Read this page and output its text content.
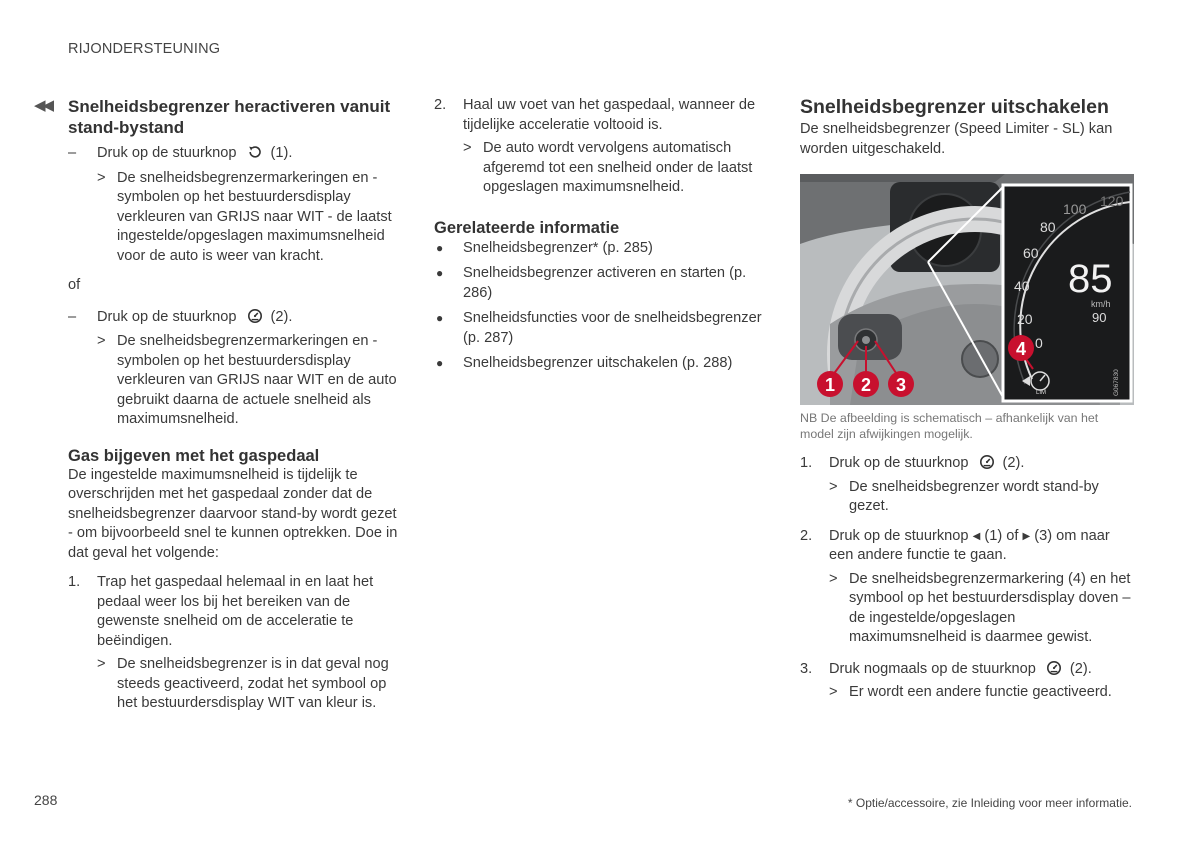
RIJONDERSTEUNING
◀◀ Snelheidsbegrenzer heractiveren vanuit stand-bystand
– Druk op de stuurknop (1).
> De snelheidsbegrenzermarkeringen en -symbolen op het bestuurdersdisplay verkleuren van GRIJS naar WIT - de laatst ingestelde/opgeslagen maximumsnelheid voor de auto is weer van kracht.

of

– Druk op de stuurknop (2).
> De snelheidsbegrenzermarkeringen en -symbolen op het bestuurdersdisplay verkleuren van GRIJS naar WIT en de auto gebruikt daarna de actuele snelheid als maximumsnelheid.
Gas bijgeven met het gaspedaal

De ingestelde maximumsnelheid is tijdelijk te overschrijden met het gaspedaal zonder dat de snelheidsbegrenzer daarvoor stand-by wordt gezet - om bijvoorbeeld snel te kunnen optrekken. Doe in dat geval het volgende:

1. Trap het gaspedaal helemaal in en laat het pedaal weer los bij het bereiken van de gewenste snelheid om de acceleratie te beëindigen.
> De snelheidsbegrenzer is in dat geval nog steeds geactiveerd, zodat het symbool op het bestuurdersdisplay WIT van kleur is.
2. Haal uw voet van het gaspedaal, wanneer de tijdelijke acceleratie voltooid is.
> De auto wordt vervolgens automatisch afgeremd tot een snelheid onder de laatst opgeslagen maximumsnelheid.
Gerelateerde informatie
● Snelheidsbegrenzer* (p. 285)
● Snelheidsbegrenzer activeren en starten (p. 286)
● Snelheidsfuncties voor de snelheidsbegrenzer (p. 287)
● Snelheidsbegrenzer uitschakelen (p. 288)
Snelheidsbegrenzer uitschakelen

De snelheidsbegrenzer (Speed Limiter - SL) kan worden uitgeschakeld.

85
120
100
80
60
40
20
0
85
km/h
90
LIM	G067830
1 2 3
4
NB De afbeelding is schematisch – afhankelijk van het model zijn afwijkingen mogelijk.
1. Druk op de stuurknop (2).
> De snelheidsbegrenzer wordt stand-by gezet.
2. Druk op de stuurknop ◀ (1) of ▶ (3) om naar een andere functie te gaan.
> De snelheidsbegrenzermarkering (4) en het symbool op het bestuurdersdisplay doven – de ingestelde/opgeslagen maximumsnelheid is daarmee gewist.
3. Druk nogmaals op de stuurknop (2).
> Er wordt een andere functie geactiveerd.
288	* Optie/accessoire, zie Inleiding voor meer informatie.
